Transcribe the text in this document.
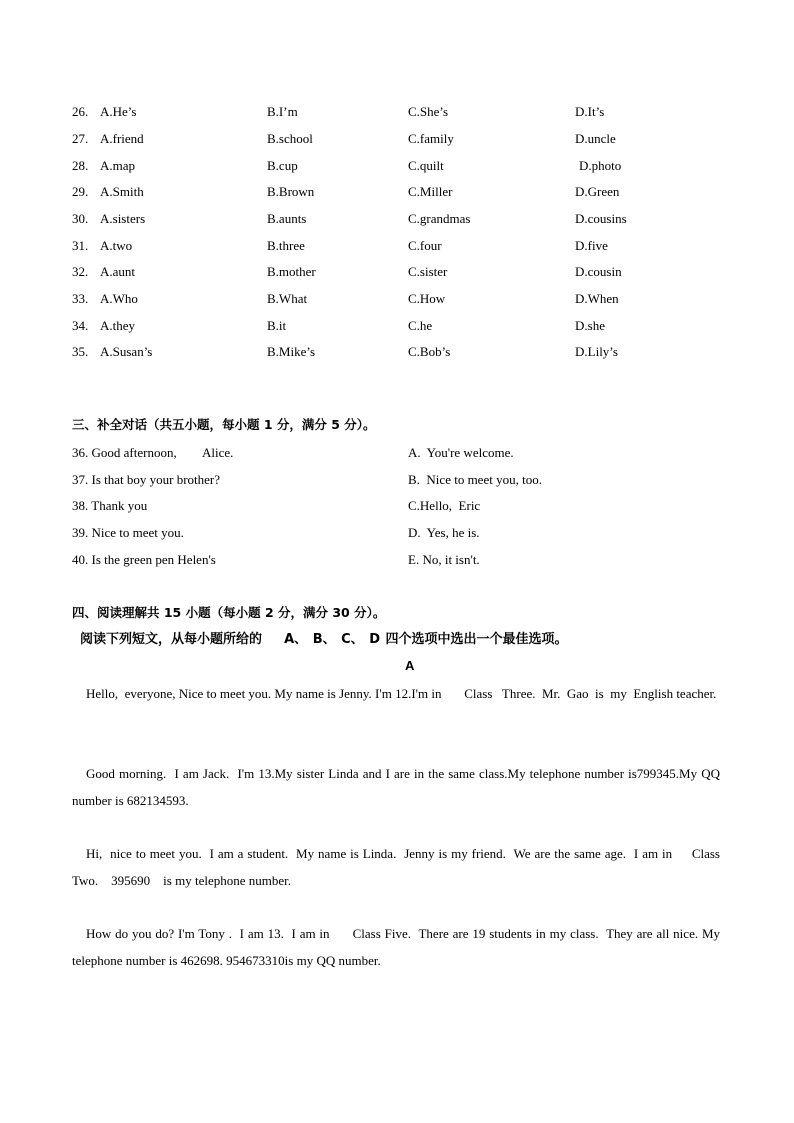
26. A.He’s	B.I’m	C.She’s	D.It’s
27. A.friend	B.school	C.family	D.uncle
28. A.map	B.cup	C.quilt	D.photo
29. A.Smith	B.Brown	C.Miller	D.Green
30. A.sisters	B.aunts	C.grandmas	D.cousins
31. A.two	B.three	C.four	D.five
32. A.aunt	B.mother	C.sister	D.cousin
33. A.Who	B.What	C.How	D.When
34. A.they	B.it	C.he	D.she
35. A.Susan’s	B.Mike’s	C.Bob’s	D.Lily’s
三、补全对话（共五小题，每小题 1 分，满分 5 分）。
36. Good afternoon,        Alice.	A.  You're welcome.
37. Is that boy your brother?	B.  Nice to meet you, too.
38. Thank you	C.Hello,  Eric
39. Nice to meet you.	D.  Yes, he is.
40. Is the green pen Helen's	E. No, it isn't.
四、阅读理解共 15 小题（每小题 2 分，满分 30 分）。
阅读下列短文，从每小题所给的    A、 B、 C、 D 四个选项中选出一个最佳选项。
A
Hello,  everyone, Nice to meet you. My name is Jenny. I'm 12.I'm in       Class   Three.  Mr.  Gao  is  my  English teacher.
Good morning.  I am Jack.  I'm 13.My sister Linda and I are in the same class.My telephone number is799345.My QQ number is 682134593.
Hi,  nice to meet you.  I am a student.  My name is Linda.  Jenny is my friend.  We are the same age.  I am in     Class Two.    395690    is my telephone number.
How do you do? I'm Tony .  I am 13.  I am in      Class Five.  There are 19 students in my class.  They are all nice. My telephone number is 462698. 954673310is my QQ number.
